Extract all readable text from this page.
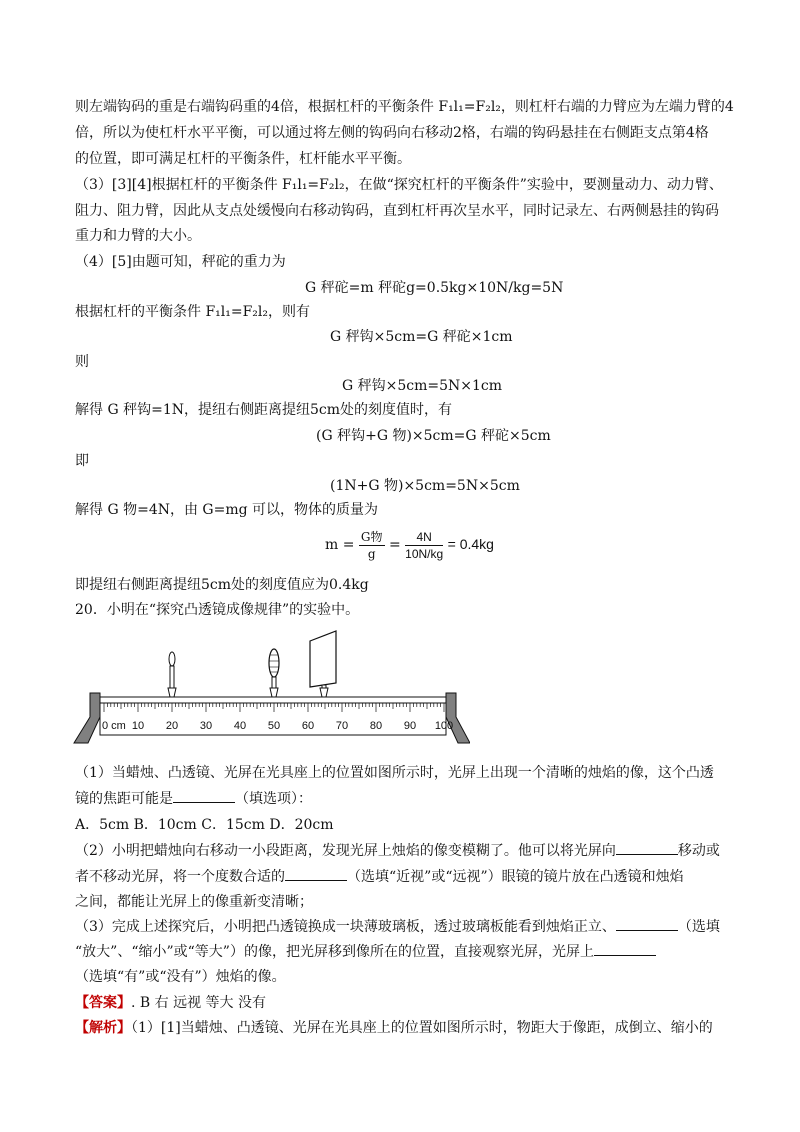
则左端钩码的重是右端钩码重的4倍，根据杠杆的平衡条件 F₁l₁=F₂l₂，则杠杆右端的力臂应为左端力臂的4
倍，所以为使杠杆水平平衡，可以通过将左侧的钩码向右移动2格，右端的钩码悬挂在右侧距支点第4格
的位置，即可满足杠杆的平衡条件，杠杆能水平平衡。
（3）[3][4]根据杠杆的平衡条件 F₁l₁=F₂l₂，在做“探究杠杆的平衡条件”实验中，要测量动力、动力臂、
阻力、阻力臂，因此从支点处缓慢向右移动钩码，直到杠杆再次呈水平，同时记录左、右两侧悬挂的钩码
重力和力臂的大小。
（4）[5]由题可知，秤砣的重力为
G 秤砣=m 秤砣g=0.5kg×10N/kg=5N
根据杠杆的平衡条件 F₁l₁=F₂l₂，则有
G 秤钩×5cm=G 秤砣×1cm
则
G 秤钩×5cm=5N×1cm
解得 G 秤钩=1N，提纽右侧距离提纽5cm处的刻度值时，有
(G 秤钩+G 物)×5cm=G 秤砣×5cm
即
(1N+G 物)×5cm=5N×5cm
解得 G 物=4N，由 G=mg 可以，物体的质量为
$m = \frac{\text{G物}}{g} = \frac{4N}{10N/kg} = 0.4kg$
即提纽右侧距离提纽5cm处的刻度值应为0.4kg
20．小明在“探究凸透镜成像规律”的实验中。
0 cm 10 20 30 40 50 60 70 80 90 100
（1）当蜡烛、凸透镜、光屏在光具座上的位置如图所示时，光屏上出现一个清晰的烛焰的像，这个凸透
镜的焦距可能是	（填选项）：
A．5cm B．10cm C．15cm D．20cm
（2）小明把蜡烛向右移动一小段距离，发现光屏上烛焰的像变模糊了。他可以将光屏向	移动或
者不移动光屏，将一个度数合适的	（选填“近视”或“远视”）眼镜的镜片放在凸透镜和烛焰
之间，都能让光屏上的像重新变清晰；
（3）完成上述探究后，小明把凸透镜换成一块薄玻璃板，透过玻璃板能看到烛焰正立、	（选填
“放大”、“缩小”或“等大”）的像，把光屏移到像所在的位置，直接观察光屏，光屏上
（选填“有”或“没有”）烛焰的像。
【答案】. B 右 远视 等大 没有
【解析】（1）[1]当蜡烛、凸透镜、光屏在光具座上的位置如图所示时，物距大于像距，成倒立、缩小的
